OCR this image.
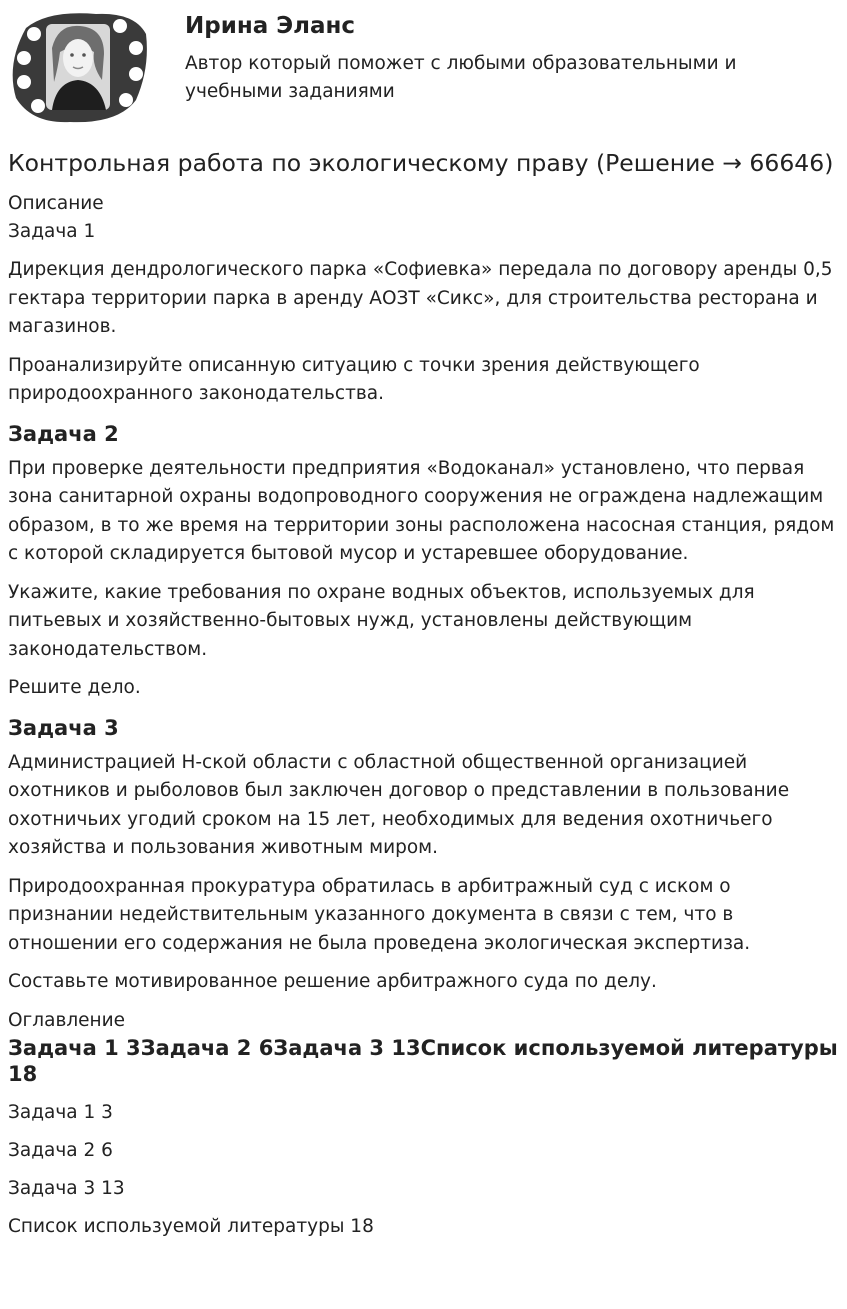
Ирина Эланс
Автор который поможет с любыми образовательными и учебными заданиями
Контрольная работа по экологическому праву (Решение → 66646)
Описание
Задача 1

Дирекция дендрологического парка «Софиевка» передала по договору аренды 0,5 гектара территории парка в аренду АОЗТ «Сикс», для строительства ресторана и магазинов.

Проанализируйте описанную ситуацию с точки зрения действующего природоохранного законодательства.

Задача 2

При проверке деятельности предприятия «Водоканал» установлено, что первая зона санитарной охраны водопроводного сооружения не ограждена надлежащим образом, в то же время на территории зоны расположена насосная станция, рядом с которой складируется бытовой мусор и устаревшее оборудование.

Укажите, какие требования по охране водных объектов, используемых для питьевых и хозяйственно-бытовых нужд, установлены действующим законодательством.

Решите дело.

Задача 3

Администрацией Н-ской области с областной общественной организацией охотников и рыболовов был заключен договор о представлении в пользование охотничьих угодий сроком на 15 лет, необходимых для ведения охотничьего хозяйства и пользования животным миром.

Природоохранная прокуратура обратилась в арбитражный суд с иском о признании недействительным указанного документа в связи с тем, что в отношении его содержания не была проведена экологическая экспертиза.

Составьте мотивированное решение арбитражного суда по делу.

Оглавление
Задача 1 3Задача 2 6Задача 3 13Список используемой литературы 18
Задача 1 3
Задача 2 6
Задача 3 13
Список используемой литературы 18
